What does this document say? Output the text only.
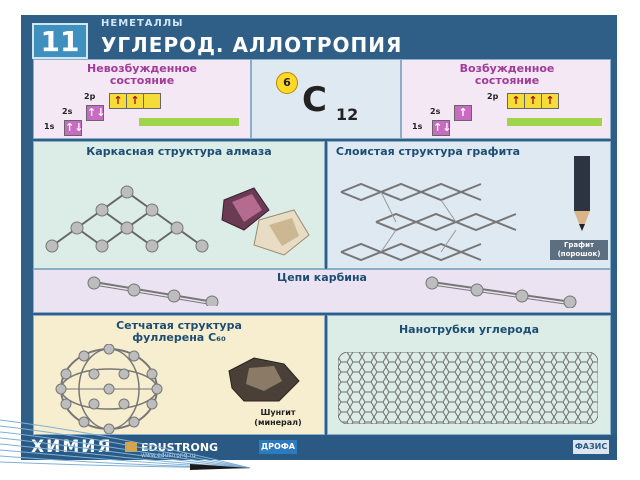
11
НЕМЕТАЛЛЫ
УГЛЕРОД. АЛЛОТРОПИЯ
Невозбужденное состояние
1s
2s
2p
↑↓
↑↓
↑ ↑
6 C 12
Возбужденное состояние
1s
2s
2p
↑↓
↑
↑ ↑ ↑
Каркасная структура алмаза	Слоистая структура графита
Графит (порошок)
Цепи карбина
Сетчатая структура фуллерена C₆₀
Шунгит (минерал)
Нанотрубки углерода
ХИМИЯ	EDUSTRONG
www.edustrong.ru
ДРОФА	ФАЗИС
